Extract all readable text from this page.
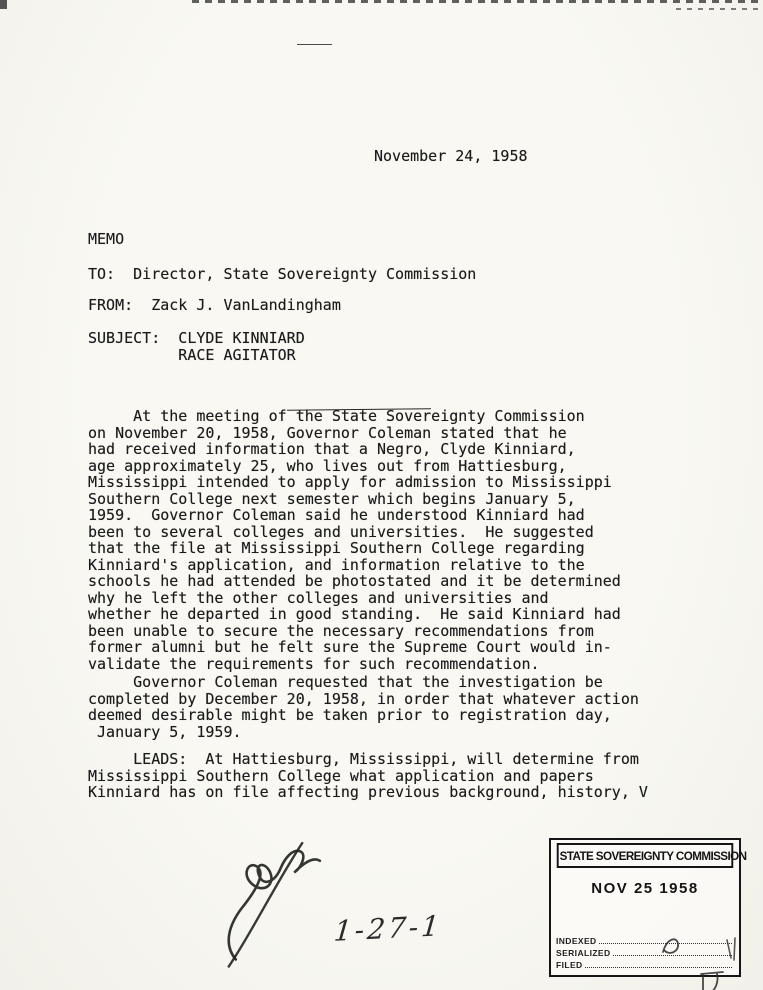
November 24, 1958
MEMO
TO:  Director, State Sovereignty Commission
FROM:  Zack J. VanLandingham
SUBJECT:  CLYDE KINNIARD
RACE AGITATOR

At the meeting of the State Sovereignty Commission
on November 20, 1958, Governor Coleman stated that he
had received information that a Negro, Clyde Kinniard,
age approximately 25, who lives out from Hattiesburg,
Mississippi intended to apply for admission to Mississippi
Southern College next semester which begins January 5,
1959.  Governor Coleman said he understood Kinniard had
been to several colleges and universities.  He suggested
that the file at Mississippi Southern College regarding
Kinniard's application, and information relative to the
schools he had attended be photostated and it be determined
why he left the other colleges and universities and
whether he departed in good standing.  He said Kinniard had
been unable to secure the necessary recommendations from
former alumni but he felt sure the Supreme Court would in-
validate the requirements for such recommendation.

Governor Coleman requested that the investigation be
completed by December 20, 1958, in order that whatever action
deemed desirable might be taken prior to registration day,
January 5, 1959.
LEADS:  At Hattiesburg, Mississippi, will determine from
Mississippi Southern College what application and papers
Kinniard has on file affecting previous background, history, V
1-27-1
STATE SOVEREIGNTY COMMISSION
NOV 25 1958
INDEXED
SERIALIZED
FILED
